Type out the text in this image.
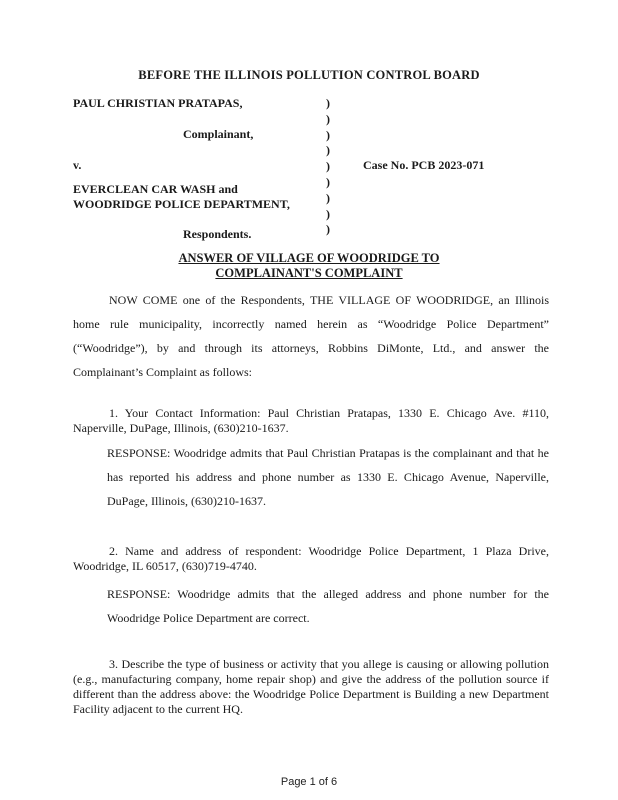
BEFORE THE ILLINOIS POLLUTION CONTROL BOARD
PAUL CHRISTIAN PRATAPAS,
Complainant,
v.	Case No. PCB 2023-071
EVERCLEAN CAR WASH and
WOODRIDGE POLICE DEPARTMENT,
Respondents.
)
)
)
)
)
)
)
)
)
ANSWER OF VILLAGE OF WOODRIDGE TO
COMPLAINANT'S COMPLAINT
NOW COME one of the Respondents, THE VILLAGE OF WOODRIDGE, an Illinois home rule municipality, incorrectly named herein as “Woodridge Police Department” (“Woodridge”), by and through its attorneys, Robbins DiMonte, Ltd., and answer the Complainant’s Complaint as follows:
1. Your Contact Information: Paul Christian Pratapas, 1330 E. Chicago Ave. #110, Naperville, DuPage, Illinois, (630)210-1637.
RESPONSE: Woodridge admits that Paul Christian Pratapas is the complainant and that he has reported his address and phone number as 1330 E. Chicago Avenue, Naperville, DuPage, Illinois, (630)210-1637.
2. Name and address of respondent: Woodridge Police Department, 1 Plaza Drive, Woodridge, IL 60517, (630)719-4740.
RESPONSE: Woodridge admits that the alleged address and phone number for the Woodridge Police Department are correct.
3. Describe the type of business or activity that you allege is causing or allowing pollution (e.g., manufacturing company, home repair shop) and give the address of the pollution source if different than the address above: the Woodridge Police Department is Building a new Department Facility adjacent to the current HQ.
Page 1 of 6
